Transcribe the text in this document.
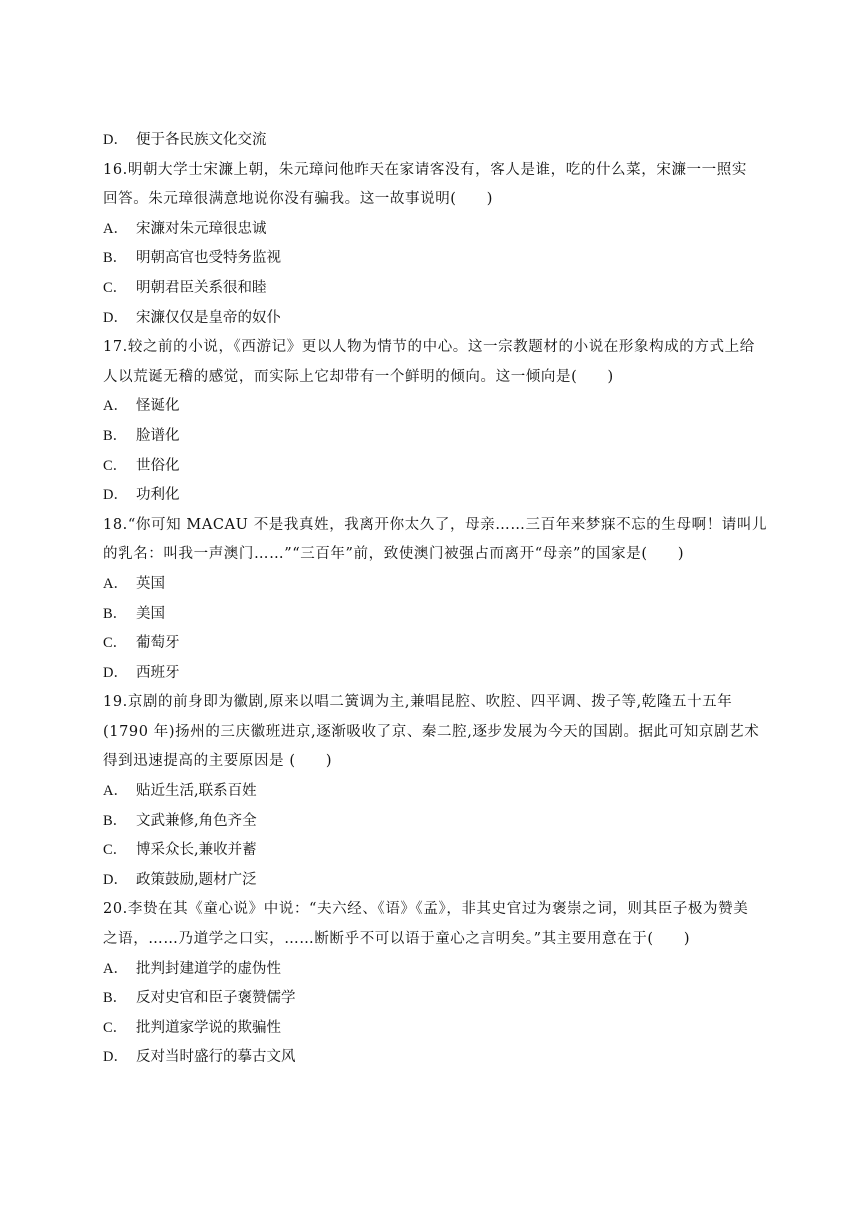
D． 便于各民族文化交流
16.明朝大学士宋濂上朝，朱元璋问他昨天在家请客没有，客人是谁，吃的什么菜，宋濂一一照实
回答。朱元璋很满意地说你没有骗我。这一故事说明(　　)
A． 宋濂对朱元璋很忠诚
B． 明朝高官也受特务监视
C． 明朝君臣关系很和睦
D． 宋濂仅仅是皇帝的奴仆
17.较之前的小说，《西游记》更以人物为情节的中心。这一宗教题材的小说在形象构成的方式上给
人以荒诞无稽的感觉，而实际上它却带有一个鲜明的倾向。这一倾向是(　　)
A． 怪诞化
B． 脸谱化
C． 世俗化
D． 功利化
18.“你可知 MACAU 不是我真姓，我离开你太久了，母亲……三百年来梦寐不忘的生母啊！请叫儿
的乳名：叫我一声澳门……”“三百年”前，致使澳门被强占而离开“母亲”的国家是(　　)
A． 英国
B． 美国
C． 葡萄牙
D． 西班牙
19.京剧的前身即为徽剧,原来以唱二簧调为主,兼唱昆腔、吹腔、四平调、拨子等,乾隆五十五年
(1790 年)扬州的三庆徽班进京,逐渐吸收了京、秦二腔,逐步发展为今天的国剧。据此可知京剧艺术
得到迅速提高的主要原因是 (　　)
A． 贴近生活,联系百姓
B． 文武兼修,角色齐全
C． 博采众长,兼收并蓄
D． 政策鼓励,题材广泛
20.李贽在其《童心说》中说：“夫六经、《语》《孟》，非其史官过为褒崇之词，则其臣子极为赞美
之语，……乃道学之口实，……断断乎不可以语于童心之言明矣。”其主要用意在于(　　)
A． 批判封建道学的虚伪性
B． 反对史官和臣子褒赞儒学
C． 批判道家学说的欺骗性
D． 反对当时盛行的摹古文风
